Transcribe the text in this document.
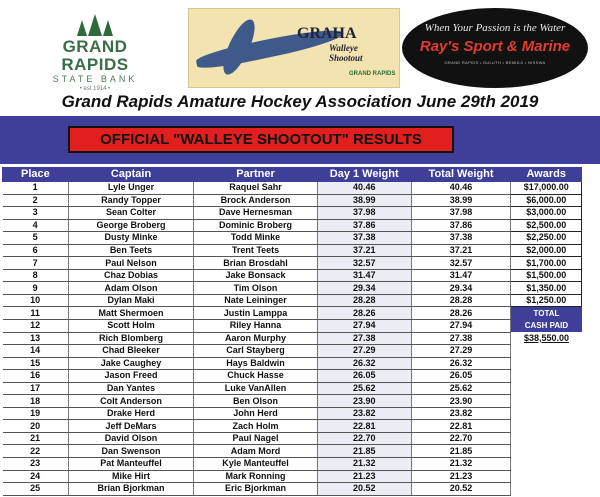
GRAND RAPIDS
STATE BANK
• est 1914 •
GRAHA
Walleye
Shootout
GRAND RAPIDS
When Your Passion is the Water
Ray's Sport & Marine
GRAND RAPIDS • DULUTH • BEMIDJI • NISSWA
Grand Rapids Amature Hockey Association June 29th 2019
OFFICIAL "WALLEYE SHOOTOUT" RESULTS
Place	Captain	Partner	Day 1 Weight	Total Weight	Awards
1	Lyle Unger	Raquel Sahr	40.46	40.46	$17,000.00
2	Randy Topper	Brock Anderson	38.99	38.99	$6,000.00
3	Sean Colter	Dave Hernesman	37.98	37.98	$3,000.00
4	George Broberg	Dominic Broberg	37.86	37.86	$2,500.00
5	Dusty Minke	Todd Minke	37.38	37.38	$2,250.00
6	Ben Teets	Trent Teets	37.21	37.21	$2,000.00
7	Paul Nelson	Brian Brosdahl	32.57	32.57	$1,700.00
8	Chaz Dobias	Jake Bonsack	31.47	31.47	$1,500.00
9	Adam Olson	Tim Olson	29.34	29.34	$1,350.00
10	Dylan Maki	Nate Leininger	28.28	28.28	$1,250.00
11	Matt Shermoen	Justin Lamppa	28.26	28.26	TOTAL
12	Scott Holm	Riley Hanna	27.94	27.94	CASH PAID
13	Rich Blomberg	Aaron Murphy	27.38	27.38	$38,550.00
14	Chad Bleeker	Carl Stayberg	27.29	27.29	
15	Jake Caughey	Hays Baldwin	26.32	26.32	
16	Jason Freed	Chuck Hasse	26.05	26.05	
17	Dan Yantes	Luke VanAllen	25.62	25.62	
18	Colt Anderson	Ben Olson	23.90	23.90	
19	Drake Herd	John Herd	23.82	23.82	
20	Jeff DeMars	Zach Holm	22.81	22.81	
21	David Olson	Paul Nagel	22.70	22.70	
22	Dan Swenson	Adam Mord	21.85	21.85	
23	Pat Manteuffel	Kyle Manteuffel	21.32	21.32	
24	Mike Hirt	Mark Ronning	21.23	21.23	
25	Brian Bjorkman	Eric Bjorkman	20.52	20.52	
